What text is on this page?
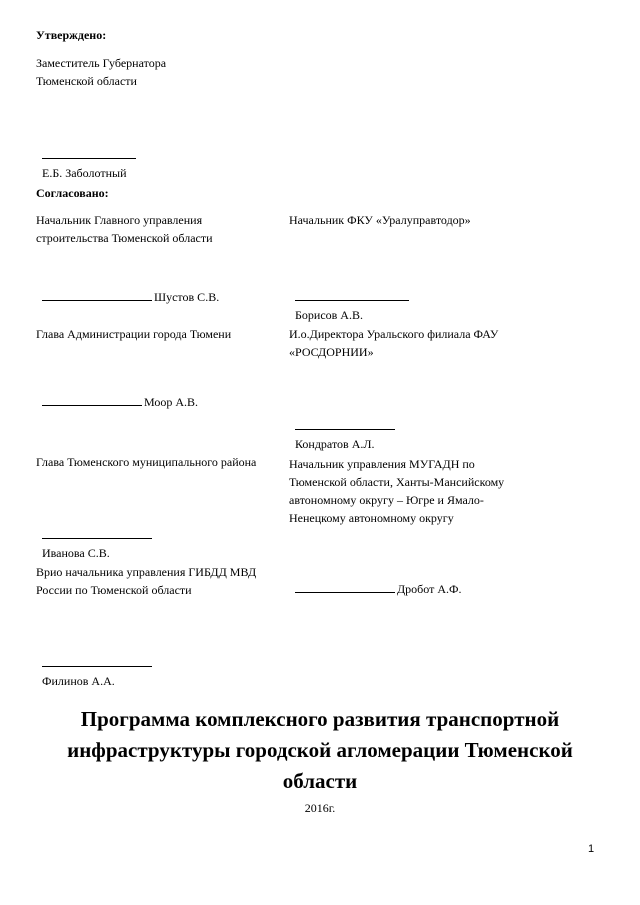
Утверждено:
Заместитель Губернатора
Тюменской области

Е.Б. Заболотный

Согласовано:
Начальник Главного управления
строительства Тюменской области

Шустов С.В.

Начальник ФКУ «Уралуправтодор»

Борисов А.В.

Глава Администрации города Тюмени

Моор А.В.

И.о.Директора Уральского филиала ФАУ
«РОСДОРНИИ»

Кондратов А.Л.

Глава Тюменского муниципального района

Иванова С.В.

Начальник управления МУГАДН по
Тюменской области, Ханты-Мансийскому
автономному округу – Югре и Ямало-
Ненецкому автономному округу
Врио начальника управления ГИБДД МВД
России по Тюменской области

Филинов А.А.

Дробот А.Ф.

Программа комплексного развития транспортной инфраструктуры городской агломерации Тюменской области
2016г.
1
